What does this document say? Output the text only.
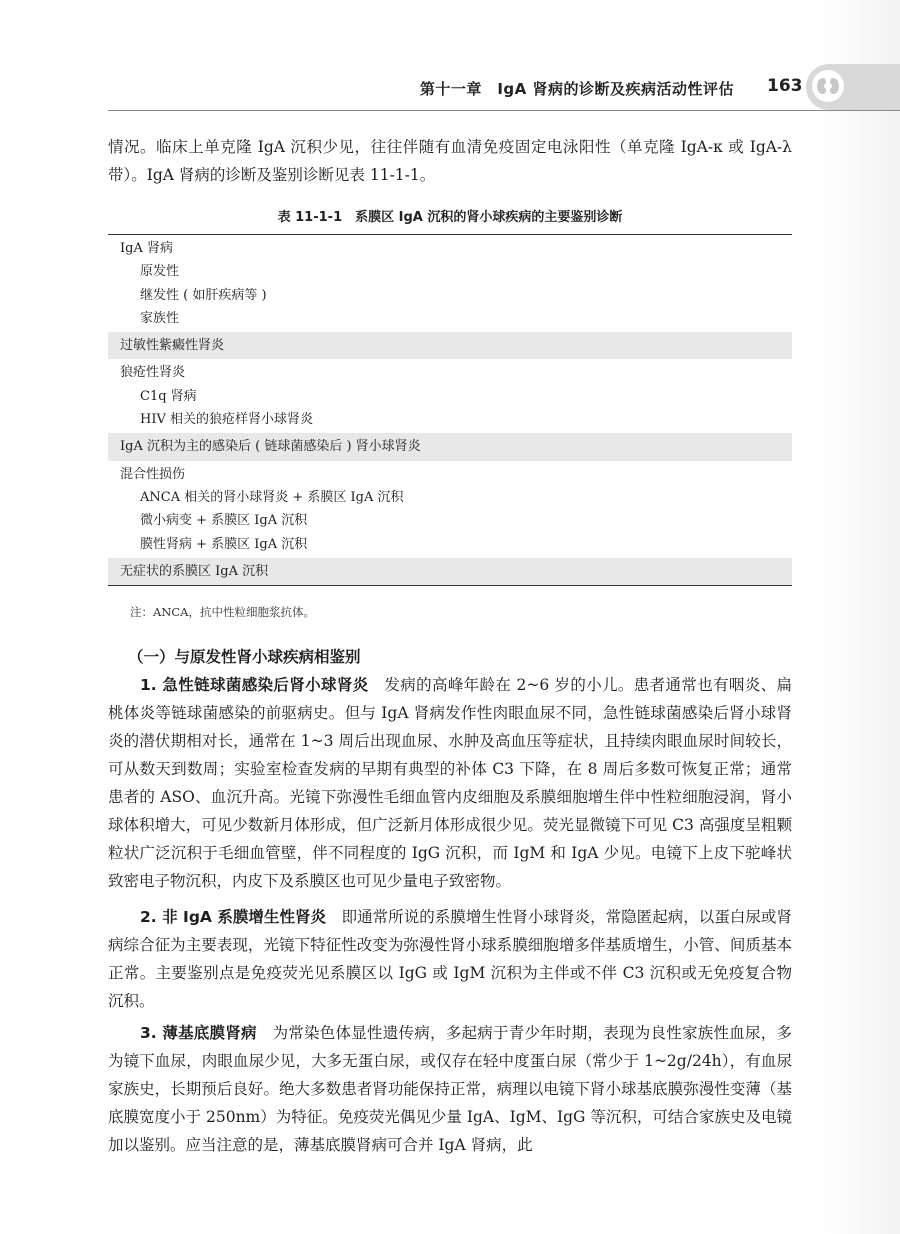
第十一章　IgA 肾病的诊断及疾病活动性评估 163

情况。临床上单克隆 IgA 沉积少见，往往伴随有血清免疫固定电泳阳性（单克隆 IgA-κ 或 IgA-λ 带）。IgA 肾病的诊断及鉴别诊断见表 11-1-1。

表 11-1-1　系膜区 IgA 沉积的肾小球疾病的主要鉴别诊断
IgA 肾病
原发性
继发性 ( 如肝疾病等 )
家族性
过敏性紫癜性肾炎
狼疮性肾炎
C1q 肾病
HIV 相关的狼疮样肾小球肾炎
IgA 沉积为主的感染后 ( 链球菌感染后 ) 肾小球肾炎
混合性损伤
ANCA 相关的肾小球肾炎 + 系膜区 IgA 沉积
微小病变 + 系膜区 IgA 沉积
膜性肾病 + 系膜区 IgA 沉积
无症状的系膜区 IgA 沉积
注：ANCA，抗中性粒细胞浆抗体。
（一）与原发性肾小球疾病相鉴别

1. 急性链球菌感染后肾小球肾炎　 发病的高峰年龄在 2~6 岁的小儿。患者通常也有咽炎、扁桃体炎等链球菌感染的前驱病史。但与 IgA 肾病发作性肉眼血尿不同，急性链球菌感染后肾小球肾炎的潜伏期相对长，通常在 1~3 周后出现血尿、水肿及高血压等症状，且持续肉眼血尿时间较长，可从数天到数周；实验室检查发病的早期有典型的补体 C3 下降，在 8 周后多数可恢复正常；通常患者的 ASO、血沉升高。光镜下弥漫性毛细血管内皮细胞及系膜细胞增生伴中性粒细胞浸润，肾小球体积增大，可见少数新月体形成，但广泛新月体形成很少见。荧光显微镜下可见 C3 高强度呈粗颗粒状广泛沉积于毛细血管壁，伴不同程度的 IgG 沉积，而 IgM 和 IgA 少见。电镜下上皮下驼峰状致密电子物沉积，内皮下及系膜区也可见少量电子致密物。

2. 非 IgA 系膜增生性肾炎　 即通常所说的系膜增生性肾小球肾炎，常隐匿起病，以蛋白尿或肾病综合征为主要表现，光镜下特征性改变为弥漫性肾小球系膜细胞增多伴基质增生，小管、间质基本正常。主要鉴别点是免疫荧光见系膜区以 IgG 或 IgM 沉积为主伴或不伴 C3 沉积或无免疫复合物沉积。

3. 薄基底膜肾病　 为常染色体显性遗传病，多起病于青少年时期，表现为良性家族性血尿，多为镜下血尿，肉眼血尿少见，大多无蛋白尿，或仅存在轻中度蛋白尿（常少于 1~2g/24h），有血尿家族史，长期预后良好。绝大多数患者肾功能保持正常，病理以电镜下肾小球基底膜弥漫性变薄（基底膜宽度小于 250nm）为特征。免疫荧光偶见少量 IgA、IgM、IgG 等沉积，可结合家族史及电镜加以鉴别。应当注意的是，薄基底膜肾病可合并 IgA 肾病，此
